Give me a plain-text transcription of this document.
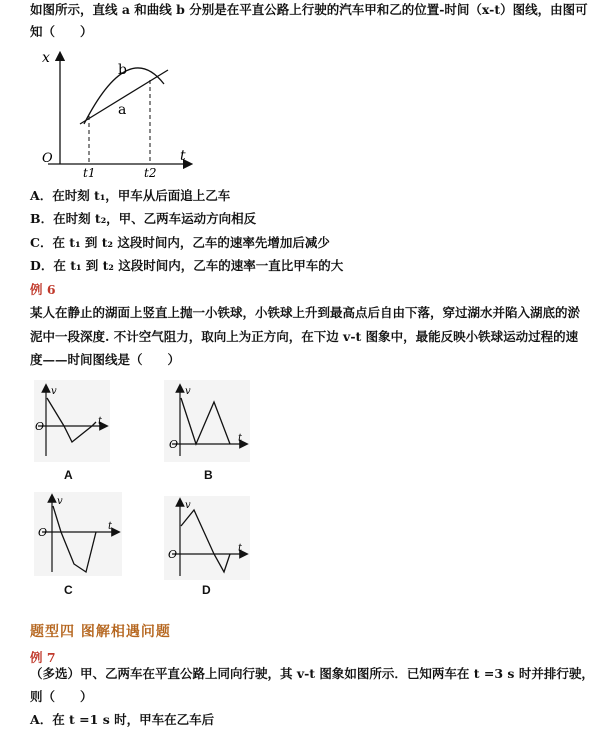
如图所示，直线 a 和曲线 b 分别是在平直公路上行驶的汽车甲和乙的位置-时间（x-t）图线，由图可
知（　　）
x
O	t
t1	t2
b
a
A．在时刻 t₁，甲车从后面追上乙车
B．在时刻 t₂，甲、乙两车运动方向相反
C．在 t₁ 到 t₂ 这段时间内，乙车的速率先增加后减少
D．在 t₁ 到 t₂ 这段时间内，乙车的速率一直比甲车的大
例 6
某人在静止的湖面上竖直上抛一小铁球，小铁球上升到最高点后自由下落，穿过湖水并陷入湖底的淤
泥中一段深度. 不计空气阻力，取向上为正方向，在下边 v-t 图象中，最能反映小铁球运动过程的速
度——时间图线是（　　）
v
O	t
A
v
O	t
B
v
O	t
C
v
O	t
D
题型四 图解相遇问题
例 7
（多选）甲、乙两车在平直公路上同向行驶，其 v-t 图象如图所示．已知两车在 t =3 s 时并排行驶，
则（　　）
A．在 t =1 s 时，甲车在乙车后
